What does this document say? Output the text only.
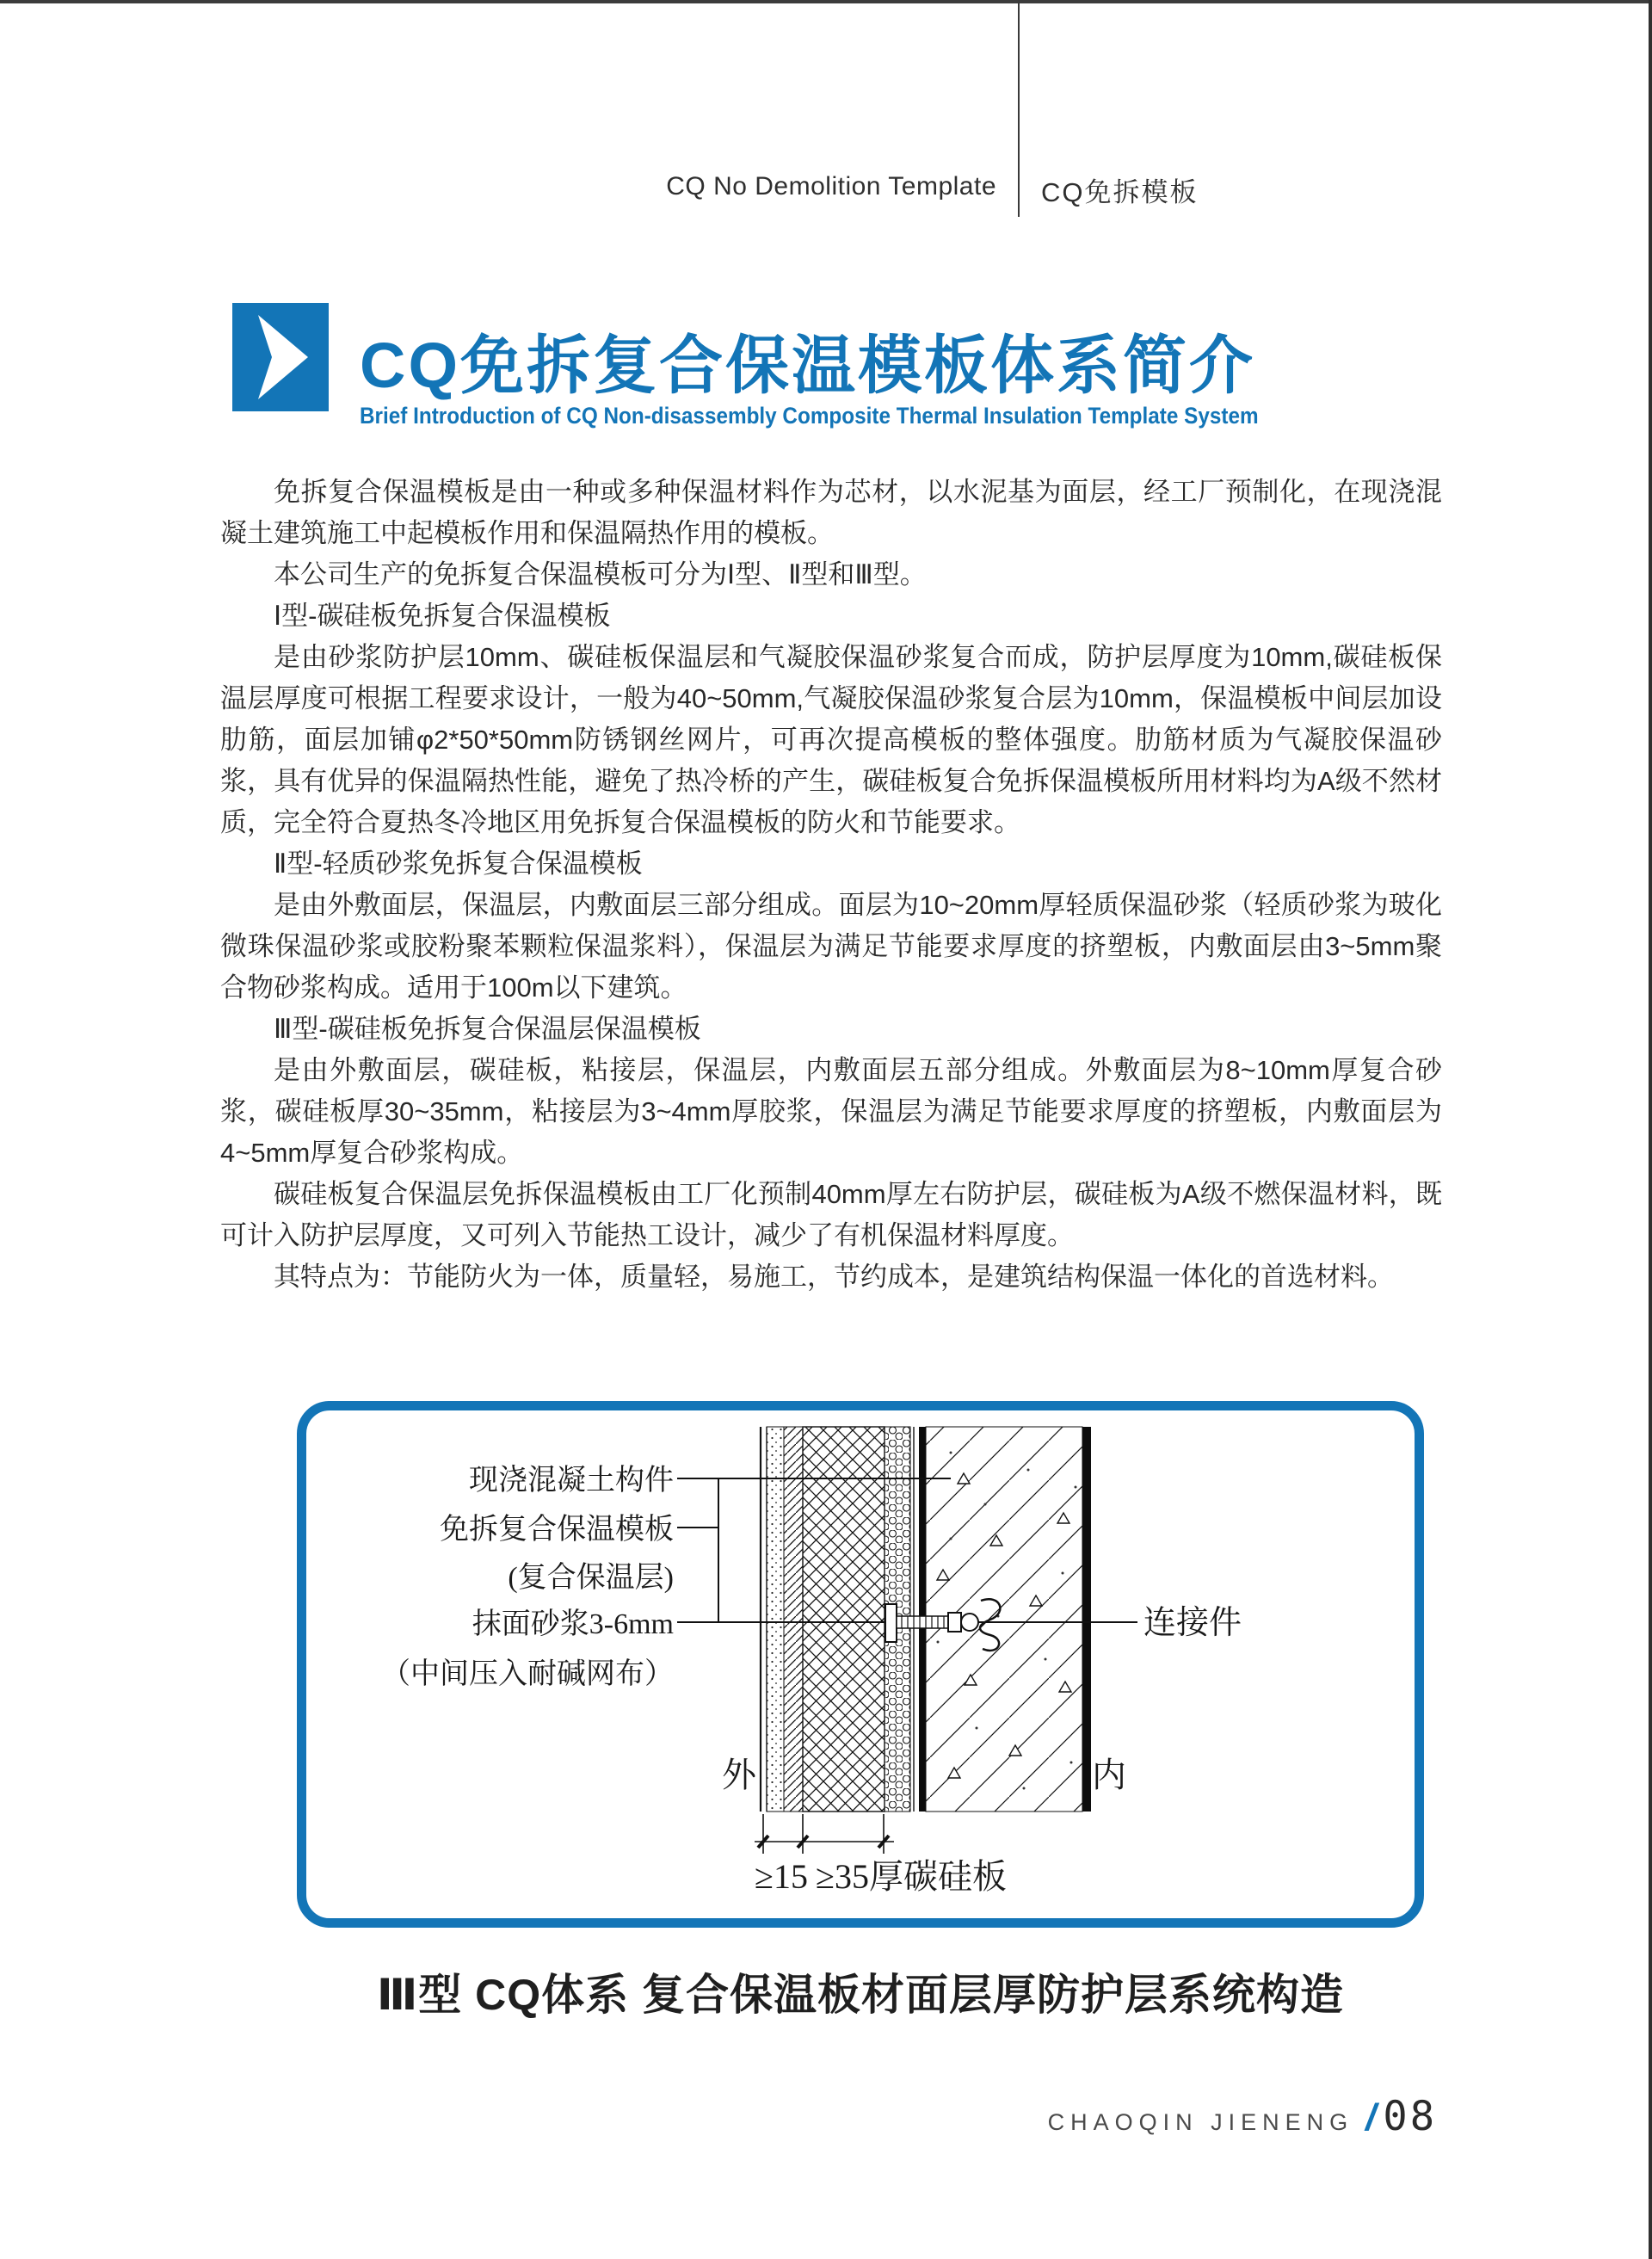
CQ No Demolition Template CQ免拆模板
CQ免拆复合保温模板体系简介
Brief Introduction of CQ Non-disassembly Composite Thermal Insulation Template System

免拆复合保温模板是由一种或多种保温材料作为芯材，以水泥基为面层，经工厂预制化，在现浇混凝土建筑施工中起模板作用和保温隔热作用的模板。

本公司生产的免拆复合保温模板可分为Ⅰ型、Ⅱ型和Ⅲ型。

Ⅰ型-碳硅板免拆复合保温模板

是由砂浆防护层10mm、碳硅板保温层和气凝胶保温砂浆复合而成，防护层厚度为10mm,碳硅板保温层厚度可根据工程要求设计，一般为40~50mm,气凝胶保温砂浆复合层为10mm，保温模板中间层加设肋筋，面层加铺φ2*50*50mm防锈钢丝网片，可再次提高模板的整体强度。肋筋材质为气凝胶保温砂浆，具有优异的保温隔热性能，避免了热冷桥的产生，碳硅板复合免拆保温模板所用材料均为A级不然材质，完全符合夏热冬冷地区用免拆复合保温模板的防火和节能要求。

Ⅱ型-轻质砂浆免拆复合保温模板

是由外敷面层，保温层，内敷面层三部分组成。面层为10~20mm厚轻质保温砂浆（轻质砂浆为玻化微珠保温砂浆或胶粉聚苯颗粒保温浆料），保温层为满足节能要求厚度的挤塑板，内敷面层由3~5mm聚合物砂浆构成。适用于100m以下建筑。

Ⅲ型-碳硅板免拆复合保温层保温模板

是由外敷面层，碳硅板，粘接层，保温层，内敷面层五部分组成。外敷面层为8~10mm厚复合砂浆，碳硅板厚30~35mm，粘接层为3~4mm厚胶浆，保温层为满足节能要求厚度的挤塑板，内敷面层为4~5mm厚复合砂浆构成。

碳硅板复合保温层免拆保温模板由工厂化预制40mm厚左右防护层，碳硅板为A级不燃保温材料，既可计入防护层厚度，又可列入节能热工设计，减少了有机保温材料厚度。

其特点为：节能防火为一体，质量轻，易施工，节约成本，是建筑结构保温一体化的首选材料。

现浇混凝土构件
免拆复合保温模板
(复合保温层)
抹面砂浆3-6mm
（中间压入耐碱网布）
连接件
外	内
≥15 ≥35厚碳硅板
Ⅲ型 CQ体系 复合保温板材面层厚防护层系统构造
CHAOQIN JIENENG / 08
